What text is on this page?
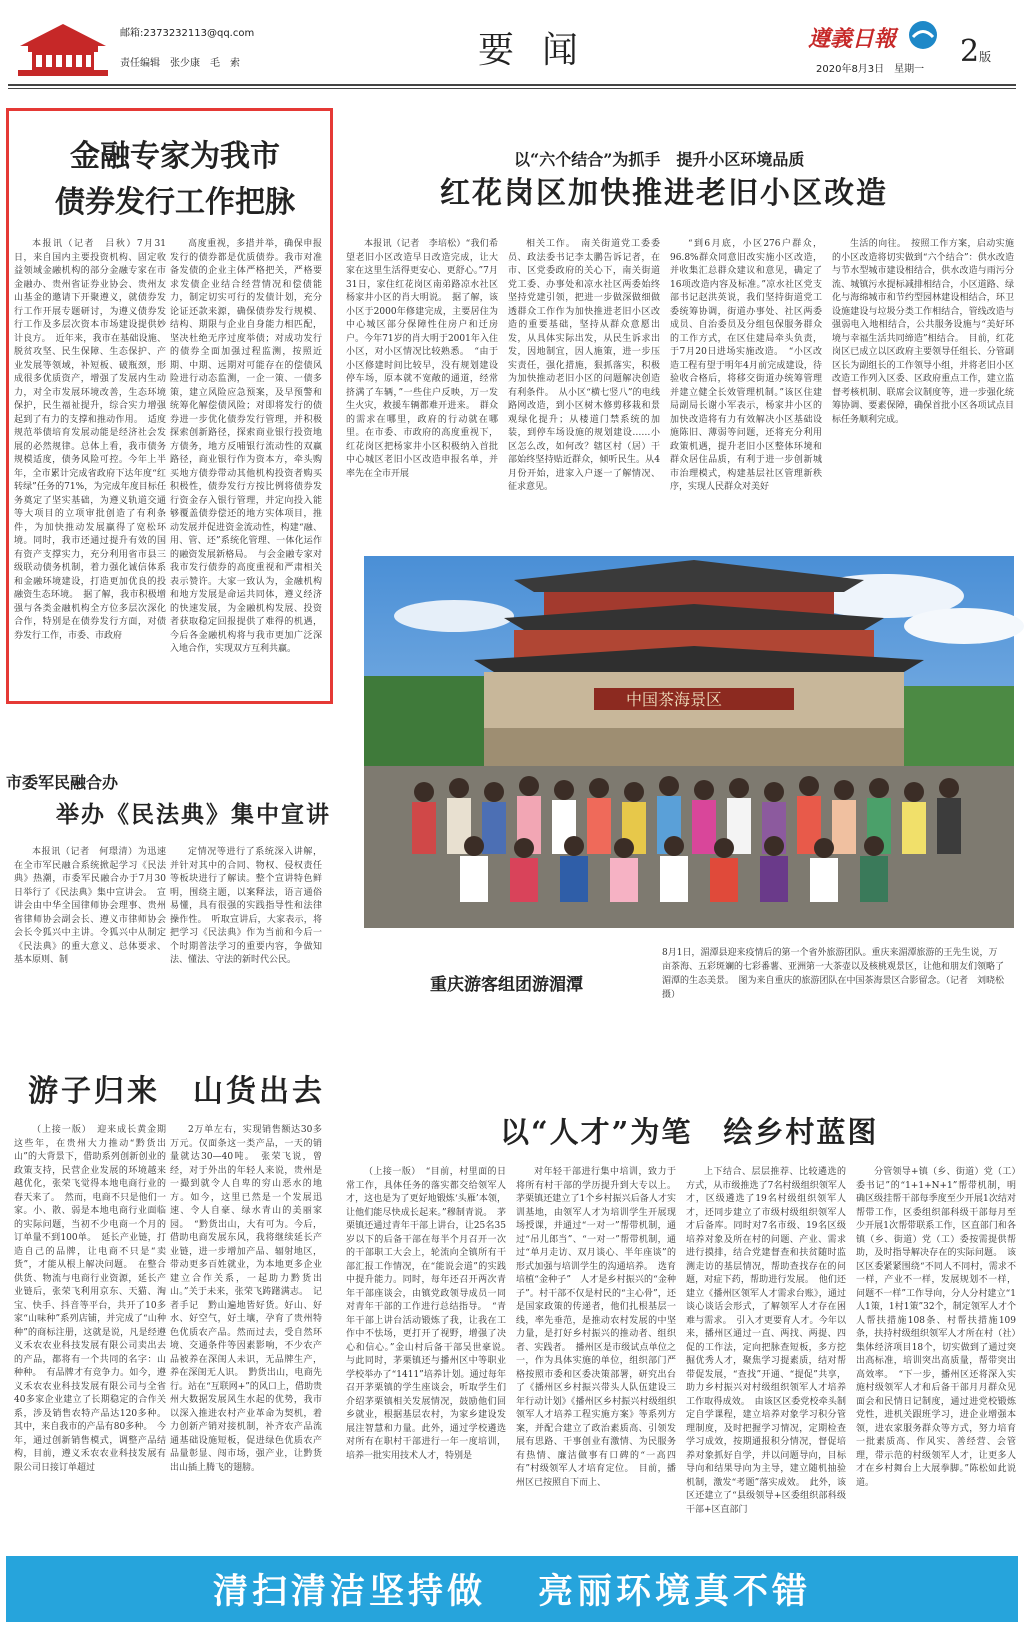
邮箱:2373232113@qq.com
责任编辑　张少康　毛　索	要闻	遵義日報
2020年8月3日　星期一
2版
金融专家为我市
债券发行工作把脉

本报讯（记者　吕秋）7月31日，来自国内主要投资机构、固定收益领域金融机构的部分金融专家在市金融办、贵州省证券业协会、贵州友山基金的邀请下开聚遵义，就债券发行工作开展专题研讨，为遵义债券发行工作及多层次资本市场建设提供妙计良方。　近年来，我市在基础设施、脱贫攻坚、民生保障、生态保护、产业发展等领域，补短板、破瓶颈，形成很多优质资产，增强了发展内生动力，对全市发展环境改善，生态环境保护，民生福祉提升，综合实力增强起到了有力的支撑和推动作用。　适度规范举债培育发展动能是经济社会发展的必然规律。总体上看，我市债务规模适度，债务风险可控。今年上半年，全市累计完成省政府下达年度“红转绿”任务的71%，为完成年度目标任务奠定了坚实基础，为遵义轨道交通等大项目的立项审批创造了有利条件，为加快推动发展赢得了宽松环境。同时，我市还通过提升有效的国有资产支撑实力，充分利用省市县三级联动债务机制，着力强化诚信体系和金融环境建设，打造更加优良的投融资生态环境。　据了解，我市积极增强与各类金融机构全方位多层次深化合作，特别是在债券发行方面，对债券发行工作，市委、市政府

高度重视，多措并举，确保申报发行的债券都是优质债券。我市对准备发债的企业主体严格把关，严格要求发债企业结合经营情况和偿债能力，制定切实可行的发债计划，充分论证还款来源，确保债券发行规模、结构、期限与企业自身能力相匹配，坚决杜绝无序过度举债；对成功发行的债券全面加强过程监测，按照近期、中期、远期对可能存在的偿债风险进行动态监测，一企一策、一债多策，建立风险应急预案，及早预警和统筹化解偿债风险；对即将发行的债券进一步优化债券发行管理，并积极探索创新路径，探索商业银行投资地方债务，地方反哺银行流动性的双赢路径，商业银行作为资本方，牵头购买地方债券带动其他机构投资者购买积极性，债券发行方按比例将债券发行资金存入银行管理，并定向投入能够覆盖债券偿还的地方实体项目，推动发展并促进资金流动性，构建“融、用、管、还”系统化管理、一体化运作的融资发展新格局。　与会金融专家对我市发行债券的高度重视和严肃相关表示赞许。大家一致认为，金融机构和地方发展是命运共同体，遵义经济的快速发展，为金融机构发展、投资者获取稳定回报提供了难得的机遇，今后各金融机构将与我市更加广泛深入地合作，实现双方互利共赢。

以“六个结合”为抓手　提升小区环境品质
红花岗区加快推进老旧小区改造

本报讯（记者　李培松）“我们希望老旧小区改造早日改造完成，让大家在这里生活得更安心、更舒心。”7月31日，家住红花岗区南弟路凉水社区杨家井小区的肖大明说。　据了解，该小区于2000年修建完成，主要居住为中心城区部分保障性住房户和迁房户。今年71岁的肖大明于2001年入住小区，对小区情况比较熟悉。　“由于小区修建时间比较早，没有规划建设停车场，原本就不宽敞的通道，经常挤满了车辆，”一些住户反映，万一发生火灾，救援车辆都难开进来。　群众的需求在哪里，政府的行动就在哪里。在市委、市政府的高度重视下，红花岗区把杨家井小区积极纳入首批中心城区老旧小区改造申报名单，并率先在全市开展

相关工作。　南关街道党工委委员、政法委书记李太鹏告诉记者，在市、区党委政府的关心下，南关街道党工委、办事处和凉水社区两委始终坚持党建引领，把进一步做深做细做透群众工作作为加快推进老旧小区改造的重要基础，坚持从群众意愿出发，从具体实际出发，从民生诉求出发，因地制宜，因人施策，进一步压实责任，强化措施，狠抓落实，积极为加快推动老旧小区的问题解决创造有利条件。　从小区“横七竖八”的电线路网改造，到小区树木修剪移栽和景观绿化提升；从楼道门禁系统的加装，到停车场设施的规划建设……小区怎么改，如何改？辖区村（居）干部始终坚持贴近群众，倾听民生。从4月份开始，进家入户逐一了解情况、征求意见。

“到6月底，小区276户群众，96.8%群众同意旧改实施小区改造，并收集汇总群众建议和意见，确定了16项改造内容及标准。”凉水社区党支部书记赵洪英说，我们坚持街道党工委统筹协调，街道办事处、社区两委成员、自治委员及分组包保服务群众的工作方式，在区住建局牵头负责，于7月20日进场实施改造。　“小区改造工程有望于明年4月前完成建设，待验收合格后，将移交街道办统筹管理并建立健全长效管理机制。”该区住建局副局长谢小军表示，杨家井小区的加快改造将有力有效解决小区基础设施陈旧、薄弱等问题，还将充分利用政策机遇，提升老旧小区整体环境和群众居住品质，有利于进一步创新城市治理模式，构建基层社区管理新秩序，实现人民群众对美好

生活的向往。　按照工作方案，启动实施的小区改造将切实做到“六个结合”：供水改造与节水型城市建设相结合，供水改造与雨污分流、城镇污水提标减排相结合，小区道路、绿化与海绵城市和节约型园林建设相结合，环卫设施建设与垃圾分类工作相结合，管线改造与强弱电入地相结合，公共服务设施与“美好环境与幸福生活共同缔造”相结合。　目前，红花岗区已成立以区政府主要领导任组长、分管副区长为副组长的工作领导小组，并将老旧小区改造工作列入区委、区政府重点工作，建立监督考核机制、联席会议制度等，进一步强化统筹协调、要素保障，确保首批小区各项试点目标任务顺利完成。

中国茶海景区
重庆游客组团游湄潭
8月1日，湄潭县迎来疫情后的第一个省外旅游团队。重庆来湄潭旅游的王先生说，万亩茶海、五彩斑斓的七彩番薯、亚洲第一大茶壶以及核桃观景区，让他和朋友们领略了湄潭的生态美景。　图为来自重庆的旅游团队在中国茶海景区合影留念。（记者　刘晓松　摄）
市委军民融合办
举办《民法典》集中宣讲

本报讯（记者　何璟清）为迅速在全市军民融合系统掀起学习《民法典》热潮，市委军民融合办于7月30日举行了《民法典》集中宣讲会。　宣讲会由中华全国律师协会理事、贵州省律师协会副会长、遵义市律师协会会长令狐兴中主讲。令狐兴中从制定《民法典》的重大意义、总体要求、基本原则、制

定情况等进行了系统深入讲解，并针对其中的合同、物权、侵权责任等板块进行了解读。整个宣讲特色鲜明，围绕主题，以案释法，语言通俗易懂，具有很强的实践指导性和法律操作性。　听取宣讲后，大家表示，将把学习《民法典》作为当前和今后一个时期普法学习的重要内容，争做知法、懂法、守法的新时代公民。

游子归来　山货出去

（上接一版）　迎来成长黄金期　这些年，在贵州大力推动“黔货出山”的大背景下，借助系列创新创业的政策支持，民营企业发展的环境越来越优化，张荣飞觉得本地电商行业的春天来了。　然而，电商不只是他们一家。小、散、弱是本地电商行业面临的实际问题，当初不少电商一个月的订单量不到100单。　延长产业链，打造自己的品牌，让电商不只是“卖货”，才能从根上解决问题。　在整合供货、物流与电商行业资源，延长产业链后，张荣飞利用京东、天猫、淘宝、快手、抖音等平台，共开了10多家“山味种”系列店铺，并完成了“山种种”的商标注册，这就是说，凡是经遵义禾农农业科技发展有限公司卖出去的产品，都将有一个共同的名字：山种种。　有品牌才有竞争力。如今，遵义禾农农业科技发展有限公司与全省40多家企业建立了长期稳定的合作关系，涉及销售农特产品达120多种。其中，来自我市的产品有80多种。　今年，通过创新销售模式，调整产品结构，目前，遵义禾农农业科技发展有限公司日接订单超过

2万单左右，实现销售额达30多万元。仅面条这一类产品，一天的销量就达30—40吨。　张荣飞说，曾经，对于外出的年轻人来说，贵州是一撮到就令人自卑的穷山恶水的地方。如今，这里已然是一个发展迅速、令人自豪、绿水青山的美丽家园。　“黔货出山，大有可为。今后，借助电商发展东风，我将继续延长产业链，进一步增加产品、辐射地区，带动更多百姓就业，为本地更多企业建立合作关系，一起助力黔货出山。”关于未来，张荣飞踌躇满志。　记者手记　黔山遍地皆好货。好山、好水、好空气，好土壤，孕育了贵州特色优质农产品。然而过去，受自然环境、交通条件等因素影响，不少农产品被养在深闺人未识，无品牌生产，养在深闺无人识。　黔货出山，电商先行。站在“互联网+”的风口上，借助贵州大数据发展风生水起的优势，我市以深入推进农村产业革命为契机，着力创新产销对接机制，补齐农产品流通基础设施短板，促进绿色优质农产品量彰显、闯市场，强产业，让黔货出山插上腾飞的翅膀。

以“人才”为笔　绘乡村蓝图

（上接一版）　“目前，村里面的日常工作，具体任务的落实都交给领军人才，这也是为了更好地锻炼‘头雁’本领，让他们能尽快成长起来。”穆制青说。　茅栗镇还通过青年干部上讲台，让25名35岁以下的后备干部在每半个月召开一次的干部职工大会上，轮流向全镇所有干部汇报工作情况，在“能说会道”的实践中提升能力。同时，每年还召开两次青年干部座谈会，由镇党政领导成员一同对青年干部的工作进行总结指导。　“青年干部上讲台活动锻炼了我，让我在工作中不怯场，更打开了视野，增强了决心和信心。”金山村后备干部吴世豪说。　与此同时，茅栗镇还与播州区中等职业学校举办了“1411”培养计划。通过每年召开茅栗镇的学生座谈会，听取学生们介绍茅栗镇相关发展情况，鼓励他们回乡就业，根据基层农村，为家乡建设发展注智慧和力量。此外，通过学校遴选对所有在职村干部进行一年一度培训，培养一批实用技术人才，特别是

对年轻干部进行集中培训，致力于将所有村干部的学历提升到大专以上。茅栗镇还建立了1个乡村振兴后备人才实训基地，由领军人才为培训学生开展现场授课，并通过“一对一”帮带机制，通过“吊儿郎当”、“一对一”帮带机制，通过“单月走访、双月谈心、半年座谈”的形式加强与培训学生的沟通培养。　选育培植“金种子”　人才是乡村振兴的“金种子”。村干部不仅是村民的“主心骨”，还是国家政策的传递者，他们扎根基层一线，率先垂范，是推动农村发展的中坚力量，是打好乡村振兴的推动者、组织者、实践者。　播州区是市级试点单位之一，作为具体实施的单位，组织部门严格按照市委和区委决策部署，研究出台了《播州区乡村振兴带头人队伍建设三年行动计划》《播州区乡村振兴村级组织领军人才培养工程实施方案》等系列方案，并配合建立了政治素质高、引领发展有思路、干事创业有激情、为民服务有热情、廉洁做事有口碑的“一高四有”村级领军人才培育定位。　目前，播州区已按照自下而上、

上下结合、层层推荐、比较遴选的方式，从市级推选了7名村级组织领军人才，区级遴选了19名村级组织领军人才，还同步建立了市级村级组织领军人才后备库。同时对7名市级、19名区级培养对象及所在村的问题、产业、需求进行摸排，结合党建督查和扶贫随时监测走访的基层情况，帮助查找存在的问题，对症下药，帮助进行发展。　他们还建立《播州区领军人才需求台账》，通过谈心谈话会形式，了解领军人才存在困难与需求。　引入才更要育人才。今年以来，播州区通过一直、两找、两提、四促的工作法，定向把脉查短板，多方挖掘优秀人才，聚焦学习提素质，结对帮带促发展，“查找”开通、“提促”共享，助力乡村振兴对村级组织领军人才培养工作取得成效。　由该区区委党校牵头制定自学课程，建立培养对象学习积分管理制度，及时把握学习情况，定期检查学习成效，按期通报积分情况，督促培养对象抓好自学，并以问题导向，目标导向和结果导向为主导，建立随机抽验机制，激发“考题”落实成效。　此外，该区还建立了“县级领导+区委组织部科级干部+区直部门

分管领导+镇（乡、街道）党（工）委书记”的“1+1+N+1”帮带机制，明确区级挂帮干部每季度至少开展1次结对帮带工作，区委组织部科级干部每月至少开展1次帮带联系工作，区直部门和各镇（乡、街道）党（工）委按需提供帮助，及时指导解决存在的实际问题。　该区区委紧紧围绕“不同人不同村，需求不一样，产业不一样，发展规划不一样，问题不一样”工作导向，分人分村建立“1人1策，1村1策”32个，制定领军人才个人帮扶措施108条、村帮扶措施109条，扶持村级组织领军人才所在村（社）集体经济项目18个，切实做到了通过突出高标准，培训突出高质量，帮带突出高效率。　“下一步，播州区还将深入实施村级领军人才和后备干部月月群众见面会和民情日记制度，通过进党校锻炼党性，进机关跟班学习，进企业增强本领，进农家服务群众等方式，努力培育一批素质高、作风实、善经营、会管理，带示范的村级领军人才，让更多人才在乡村舞台上大展拳脚。”陈松如此说道。

清扫清洁坚持做 亮丽环境真不错
